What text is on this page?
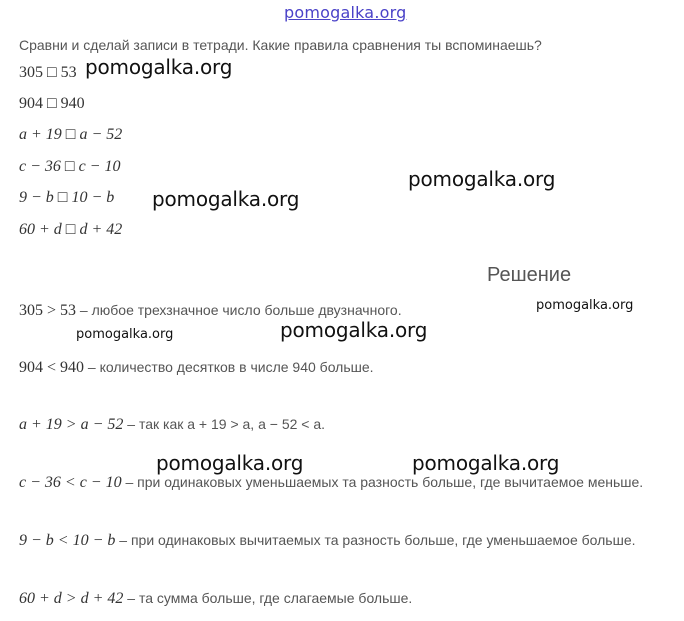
pomogalka.org
Сравни и сделай записи в тетради. Какие правила сравнения ты вспоминаешь?
305 □ 53
904 □ 940
a + 19 □ a − 52
c − 36 □ c − 10
9 − b □ 10 − b
60 + d □ d + 42
Решение
305 > 53 – любое трехзначное число больше двузначного.
904 < 940 – количество десятков в числе 940 больше.
a + 19 > a − 52 – так как a + 19 > a, a − 52 < a.
c − 36 < c − 10 – при одинаковых уменьшаемых та разность больше, где вычитаемое меньше.
9 − b < 10 − b – при одинаковых вычитаемых та разность больше, где уменьшаемое больше.
60 + d > d + 42 – та сумма больше, где слагаемые больше.
pomogalka.org
pomogalka.org
pomogalka.org
pomogalka.org
pomogalka.org	pomogalka.org
pomogalka.org	pomogalka.org
